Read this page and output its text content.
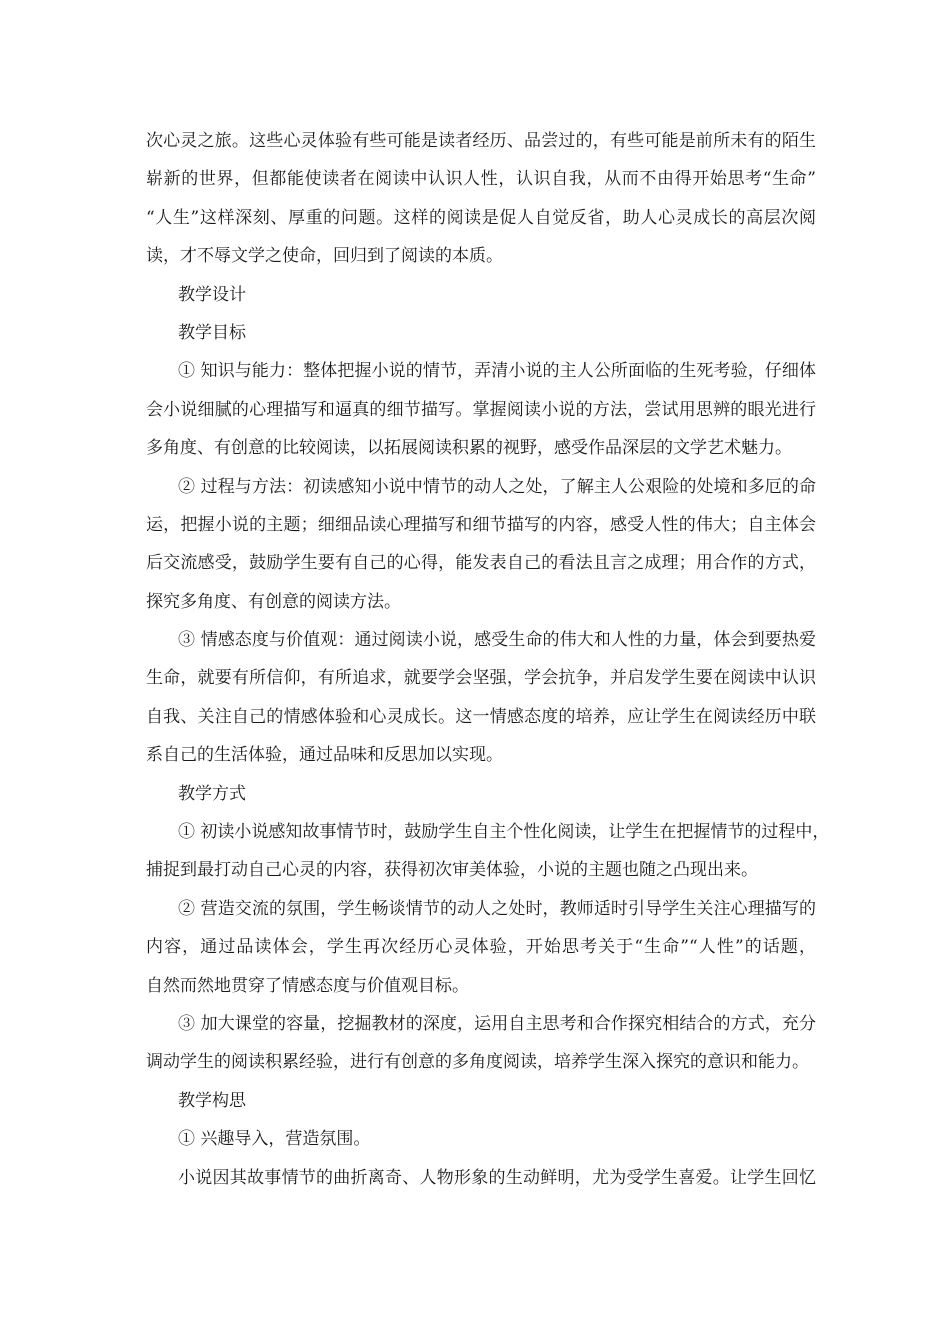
次心灵之旅。这些心灵体验有些可能是读者经历、品尝过的，有些可能是前所未有的陌生
崭新的世界，但都能使读者在阅读中认识人性，认识自我，从而不由得开始思考“生命”
“人生”这样深刻、厚重的问题。这样的阅读是促人自觉反省，助人心灵成长的高层次阅
读，才不辱文学之使命，回归到了阅读的本质。
教学设计
教学目标
① 知识与能力：整体把握小说的情节，弄清小说的主人公所面临的生死考验，仔细体
会小说细腻的心理描写和逼真的细节描写。掌握阅读小说的方法，尝试用思辨的眼光进行
多角度、有创意的比较阅读，以拓展阅读积累的视野，感受作品深层的文学艺术魅力。
② 过程与方法：初读感知小说中情节的动人之处，了解主人公艰险的处境和多厄的命
运，把握小说的主题；细细品读心理描写和细节描写的内容，感受人性的伟大；自主体会
后交流感受，鼓励学生要有自己的心得，能发表自己的看法且言之成理；用合作的方式，
探究多角度、有创意的阅读方法。
③ 情感态度与价值观：通过阅读小说，感受生命的伟大和人性的力量，体会到要热爱
生命，就要有所信仰，有所追求，就要学会坚强，学会抗争，并启发学生要在阅读中认识
自我、关注自己的情感体验和心灵成长。这一情感态度的培养，应让学生在阅读经历中联
系自己的生活体验，通过品味和反思加以实现。
教学方式
① 初读小说感知故事情节时，鼓励学生自主个性化阅读，让学生在把握情节的过程中，
捕捉到最打动自己心灵的内容，获得初次审美体验，小说的主题也随之凸现出来。
② 营造交流的氛围，学生畅谈情节的动人之处时，教师适时引导学生关注心理描写的
内容，通过品读体会，学生再次经历心灵体验，开始思考关于“生命”“人性”的话题，
自然而然地贯穿了情感态度与价值观目标。
③ 加大课堂的容量，挖掘教材的深度，运用自主思考和合作探究相结合的方式，充分
调动学生的阅读积累经验，进行有创意的多角度阅读，培养学生深入探究的意识和能力。
教学构思
① 兴趣导入，营造氛围。
小说因其故事情节的曲折离奇、人物形象的生动鲜明，尤为受学生喜爱。让学生回忆
